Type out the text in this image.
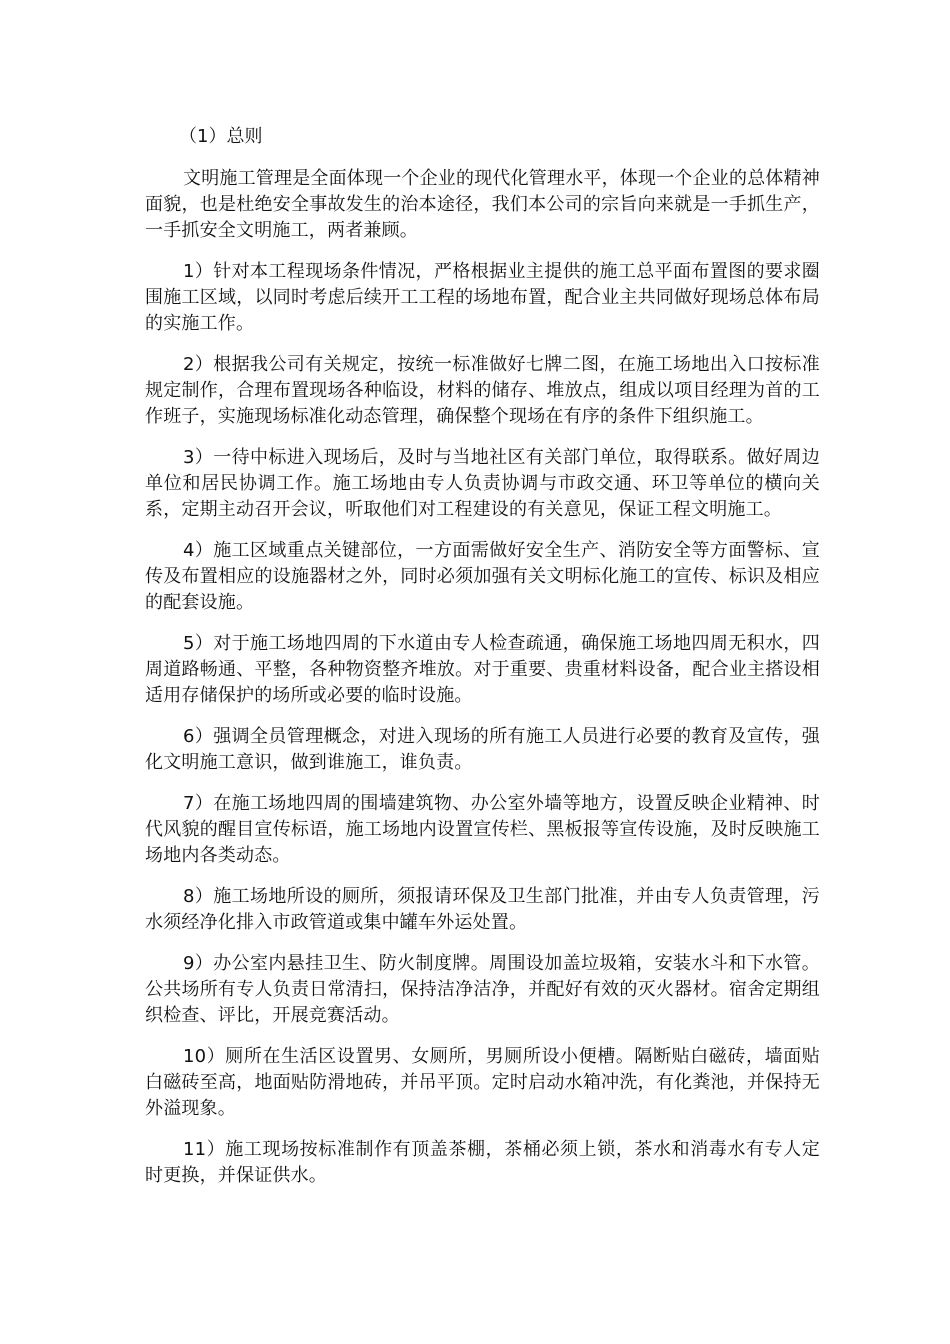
（1）总则

文明施工管理是全面体现一个企业的现代化管理水平，体现一个企业的总体精神面貌，也是杜绝安全事故发生的治本途径，我们本公司的宗旨向来就是一手抓生产，一手抓安全文明施工，两者兼顾。

1）针对本工程现场条件情况，严格根据业主提供的施工总平面布置图的要求圈围施工区域，以同时考虑后续开工工程的场地布置，配合业主共同做好现场总体布局的实施工作。

2）根据我公司有关规定，按统一标准做好七牌二图，在施工场地出入口按标准规定制作，合理布置现场各种临设，材料的储存、堆放点，组成以项目经理为首的工作班子，实施现场标准化动态管理，确保整个现场在有序的条件下组织施工。

3）一待中标进入现场后，及时与当地社区有关部门单位，取得联系。做好周边单位和居民协调工作。施工场地由专人负责协调与市政交通、环卫等单位的横向关系，定期主动召开会议，听取他们对工程建设的有关意见，保证工程文明施工。

4）施工区域重点关键部位，一方面需做好安全生产、消防安全等方面警标、宣传及布置相应的设施器材之外，同时必须加强有关文明标化施工的宣传、标识及相应的配套设施。

5）对于施工场地四周的下水道由专人检查疏通，确保施工场地四周无积水，四周道路畅通、平整，各种物资整齐堆放。对于重要、贵重材料设备，配合业主搭设相适用存储保护的场所或必要的临时设施。

6）强调全员管理概念，对进入现场的所有施工人员进行必要的教育及宣传，强化文明施工意识，做到谁施工，谁负责。

7）在施工场地四周的围墙建筑物、办公室外墙等地方，设置反映企业精神、时代风貌的醒目宣传标语，施工场地内设置宣传栏、黑板报等宣传设施，及时反映施工场地内各类动态。

8）施工场地所设的厕所，须报请环保及卫生部门批准，并由专人负责管理，污水须经净化排入市政管道或集中罐车外运处置。

9）办公室内悬挂卫生、防火制度牌。周围设加盖垃圾箱，安装水斗和下水管。公共场所有专人负责日常清扫，保持洁净洁净，并配好有效的灭火器材。宿舍定期组织检查、评比，开展竞赛活动。

10）厕所在生活区设置男、女厕所，男厕所设小便槽。隔断贴白磁砖，墙面贴白磁砖至高，地面贴防滑地砖，并吊平顶。定时启动水箱冲洗，有化粪池，并保持无外溢现象。

11）施工现场按标准制作有顶盖茶棚，茶桶必须上锁，茶水和消毒水有专人定时更换，并保证供水。
